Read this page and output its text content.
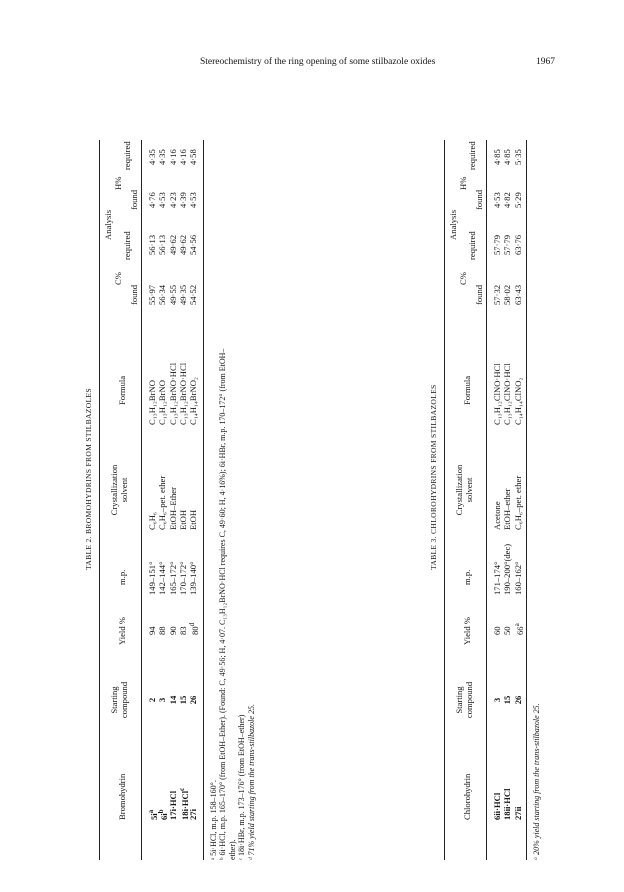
Stereochemistry of the ring opening of some stilbazole oxides	1967
TABLE 2. BROMOHYDRINS FROM STILBAZOLES
Bromohydrin
Starting compound
Yield %
m.p.
Crystallization solvent
Formula
Analysis
C%
H%
found
required
found
required
$5i^a$
$6i^b$ 17i·HCl 18i·HCl$^c$
27i
2 3 14 15 26
94 88 90 83 80$^d$
149–151° 142–144° 165–172° 170–172° 139–140°
C₆H₆ C₆H₆–pet. ether EtOH–Ether EtOH EtOH
C₁₃H₁₂BrNO C₁₃H₁₂BrNO C₁₃H₁₂BrNO·HCl C₁₃H₁₂BrNO·HCl C₁₄H₁₄BrNO₂
55·97 56·34 49·55 49·35 54·52
56·13 56·13 49·62 49·62 54·56
4·76 4·53 4·23 4·39 4·53
4·35 4·35 4·16 4·16 4·58
ᵃ 5i·HCl, m.p. 158–160°. ᵇ 6i·HCl, m.p. 165–170° (from EtOH–Ether). (Found: C, 49·56; H, 4·07. C₁₃H₁₂BrNO·HCl requires C, 49·60; H, 4·16%); 6i·HBr, m.p. 170–172° (from EtOH– ether). ᶜ 18i·HBr, m.p. 173–176° (from EtOH–ether) ᵈ 71% yield starting from the trans-stilbazole 25.
TABLE 3. CHLOROHYDRINS FROM STILBAZOLES
Chlorohydrin
Starting compound
Yield %
m.p.
Crystallization solvent
Formula
Analysis
C%
H%
found
required
found
required
6ii·HCl 18ii·HCl 27ii
3 15 26
60 50 66$^a$
171–174° 190–200°(dec) 160–162°
Acetone EtOH–ether C₆H₆–pet. ether
C₁₃H₁₂ClNO·HCl C₁₃H₁₂ClNO·HCl C₁₄H₁₄ClNO₂
57·32 58·02 63·43
57·79 57·79 63·76
4·53 4·82 5·29
4·85 4·85 5·35
ᵃ 20% yield starting from the trans-stilbazole 25.
